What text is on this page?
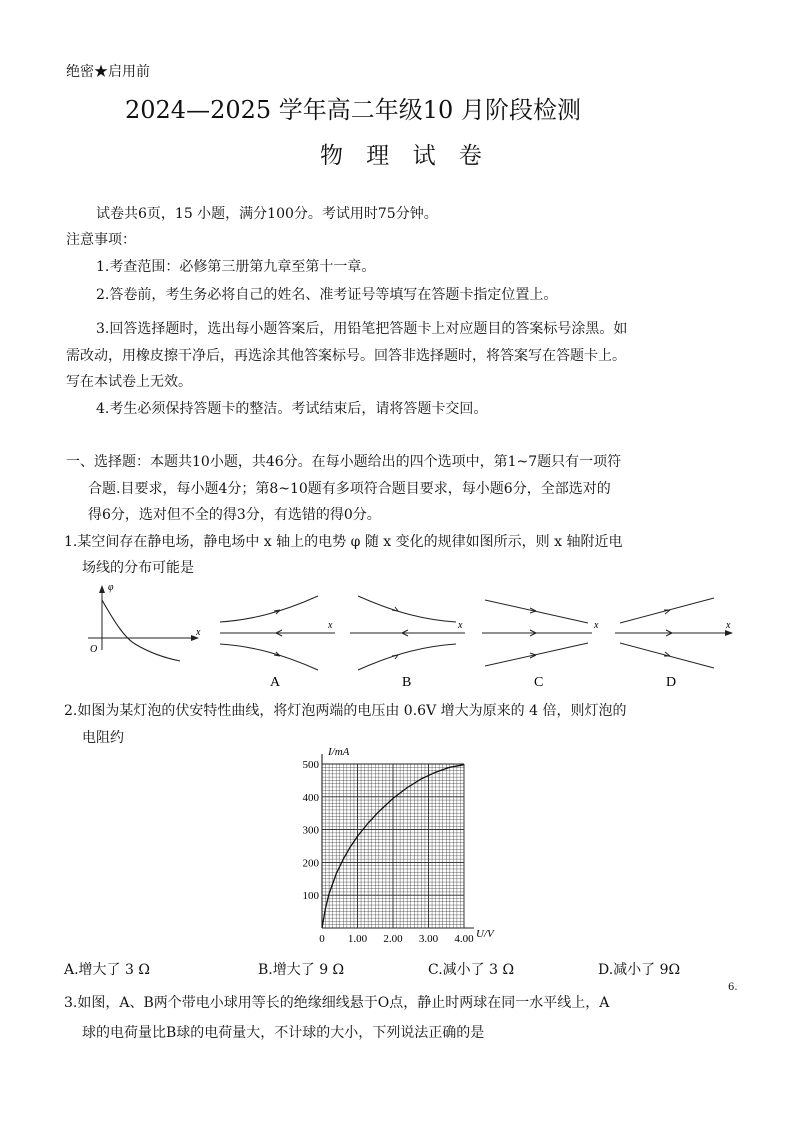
绝密★启用前
2024—2025 学年高二年级10 月阶段检测
物 理 试 卷
试卷共6页，15 小题，满分100分。考试用时75分钟。
注意事项：
1.考查范围：必修第三册第九章至第十一章。
2.答卷前，考生务必将自己的姓名、准考证号等填写在答题卡指定位置上。
3.回答选择题时，选出每小题答案后，用铅笔把答题卡上对应题目的答案标号涂黑。如
需改动，用橡皮擦干净后，再选涂其他答案标号。回答非选择题时，将答案写在答题卡上。
写在本试卷上无效。
4.考生必须保持答题卡的整洁。考试结束后，请将答题卡交回。
一、选择题：本题共10小题，共46分。在每小题给出的四个选项中，第1~7题只有一项符
合题.目要求，每小题4分；第8~10题有多项符合题目要求，每小题6分，全部选对的
得6分，选对但不全的得3分，有选错的得0分。
1.某空间存在静电场，静电场中 x 轴上的电势 φ 随 x 变化的规律如图所示，则 x 轴附近电
场线的分布可能是
φ
x
O
x
A
x
B
x
C
x
D
2.如图为某灯泡的伏安特性曲线，将灯泡两端的电压由 0.6V 增大为原来的 4 倍，则灯泡的
电阻约
0 1.00 2.00 3.00 4.00
100
200
300
400
500
I/mA
U/V
A.增大了 3 Ω	B.增大了 9 Ω	C.减小了 3 Ω	D.减小了 9Ω
6.
3.如图，A、B两个带电小球用等长的绝缘细线悬于O点，静止时两球在同一水平线上，A
球的电荷量比B球的电荷量大，不计球的大小，下列说法正确的是
